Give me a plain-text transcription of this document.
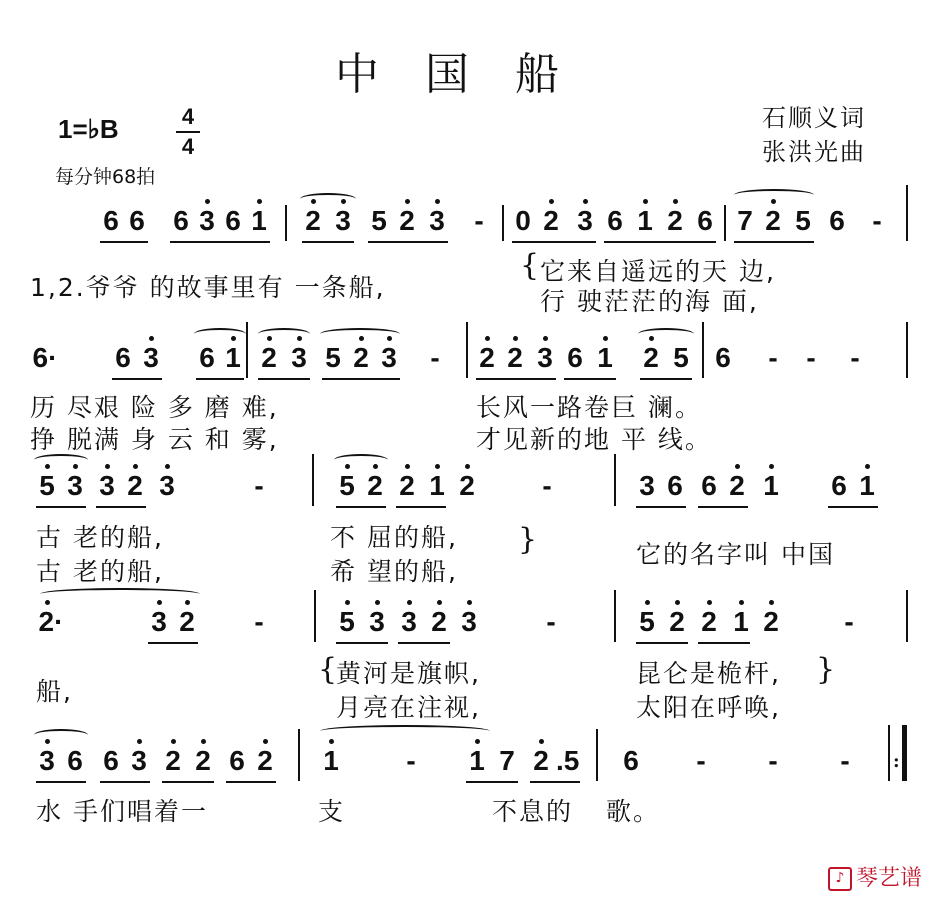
中国船
石顺义词
张洪光曲
1=♭B	4
4
每分钟68拍
6 6 6 3 6 1 2 3 5 2 3 - 0 2 3 6 1 2 6 7 2 5 6 -
1,2.爷爷 的故事里有 一条船,
{ 它来自遥远的天 边,
行 驶茫茫的海 面,
6· 6 3 6 1 2 3 5 2 3 - 2 2 3 6 1 2 5 6 - - -
历 尽艰 险 多 磨 难,	长风一路卷巨 澜。
挣 脱满 身 云 和 雾,	才见新的地 平 线。
5 3 3 2 3	-	5 2 2 1 2 -	3 6 6 2 1 6 1
古 老的船,	不 屈的船,
古 老的船,	希 望的船,
}	它的名字叫 中国
2·	3 2 -	5 3 3 2 3 -	5 2 2 1 2 -
船,
{
黄河是旗帜,
月亮在注视,
昆仑是桅杆,
太阳在呼唤,
}
3 6 6 3 2 2 6 2 1 - 1 7 2 .5 6 - - -	:
水 手们唱着一	支	不息的 歌。
♪ 琴艺谱
